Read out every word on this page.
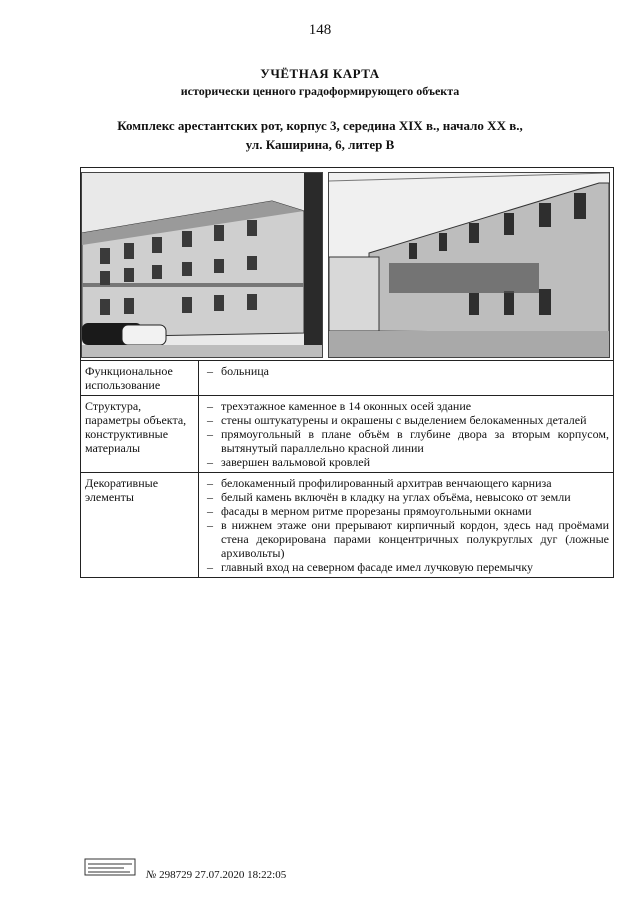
148
УЧЁТНАЯ КАРТА
исторически ценного градоформирующего объекта
Комплекс арестантских рот, корпус 3, середина XIX в., начало XX в.,
ул. Каширина, 6, литер В
Функциональное использование
– больница
Структура, параметры объекта, конструктивные материалы
– трехэтажное каменное в 14 оконных осей здание
– стены оштукатурены и окрашены с выделением белокаменных деталей
– прямоугольный в плане объём в глубине двора за вторым корпусом, вытянутый параллельно красной линии
– завершен вальмовой кровлей
Декоративные элементы
– белокаменный профилированный архитрав венчающего карниза
– белый камень включён в кладку на углах объёма, невысоко от земли
– фасады в мерном ритме прорезаны прямоугольными окнами
– в нижнем этаже они прерывают кирпичный кордон, здесь над проёмами стена декорирована парами концентричных полукруглых дуг (ложные архивольты)
– главный вход на северном фасаде имел лучковую перемычку
№ 298729 27.07.2020 18:22:05
